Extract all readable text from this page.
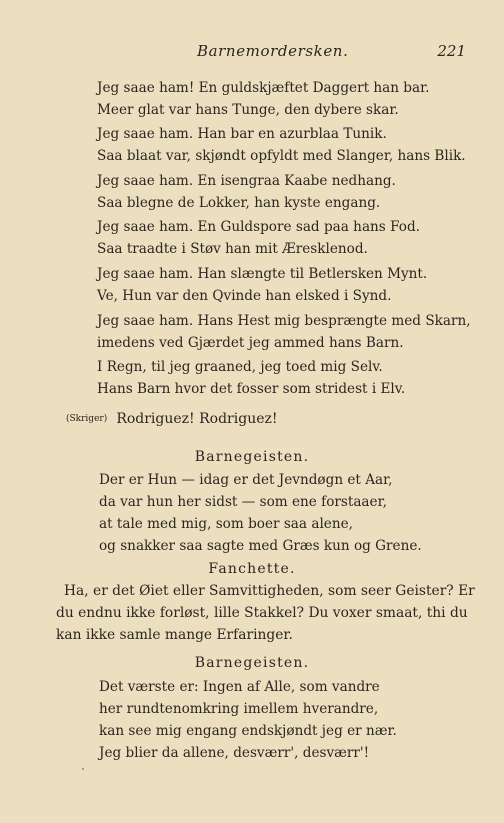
Barnemordersken.	221
Jeg saae ham! En guldskjæftet Daggert han bar.
Meer glat var hans Tunge, den dybere skar.
Jeg saae ham. Han bar en azurblaa Tunik.
Saa blaat var, skjøndt opfyldt med Slanger, hans Blik.
Jeg saae ham. En isengraa Kaabe nedhang.
Saa blegne de Lokker, han kyste engang.
Jeg saae ham. En Guldspore sad paa hans Fod.
Saa traadte i Støv han mit Æresklenod.
Jeg saae ham. Han slængte til Betlersken Mynt.
Ve, Hun var den Qvinde han elsked i Synd.
Jeg saae ham. Hans Hest mig besprængte med Skarn,
imedens ved Gjærdet jeg ammed hans Barn.
I Regn, til jeg graaned, jeg toed mig Selv.
Hans Barn hvor det fosser som stridest i Elv.
(Skriger) Rodriguez! Rodriguez!
Barnegeisten.
Der er Hun — idag er det Jevndøgn et Aar,
da var hun her sidst — som ene forstaaer,
at tale med mig, som boer saa alene,
og snakker saa sagte med Græs kun og Grene.
Fanchette.
Ha, er det Øiet eller Samvittigheden, som seer Geister? Er
du endnu ikke forløst, lille Stakkel? Du voxer smaat, thi du
kan ikke samle mange Erfaringer.
Barnegeisten.
Det værste er: Ingen af Alle, som vandre
her rundtenomkring imellem hverandre,
kan see mig engang endskjøndt jeg er nær.
Jeg blier da allene, desværr', desværr'!
